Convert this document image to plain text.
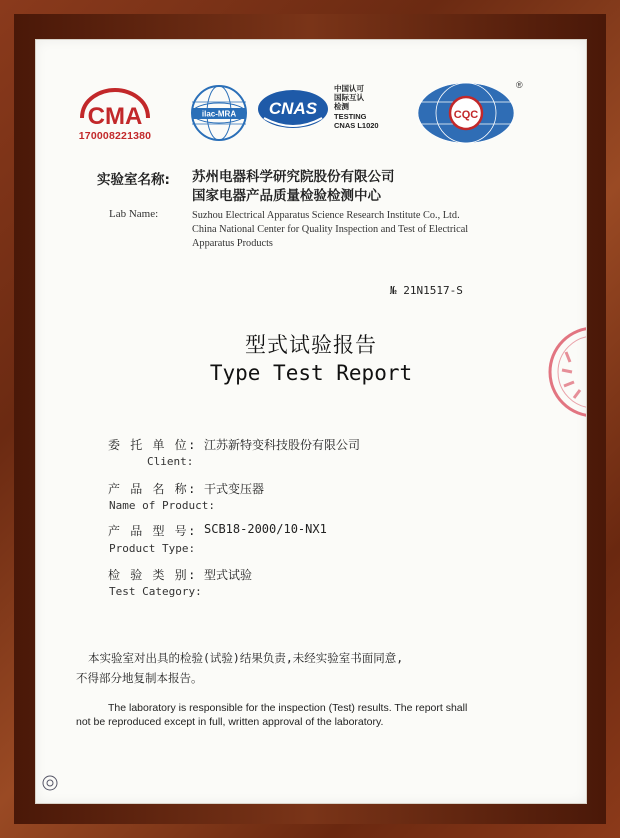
CMA
170008221380
ilac-MRA CNAS
中国认可
国际互认
检测
TESTING
CNAS L1020
CQC
®
实验室名称: 苏州电器科学研究院股份有限公司
国家电器产品质量检验检测中心
Lab Name:	Suzhou Electrical Apparatus Science Research Institute Co., Ltd.
China National Center for Quality Inspection and Test of Electrical
Apparatus Products
№ 21N1517-S
型式试验报告
Type Test Report
委 托 单 位: 江苏新特变科技股份有限公司
Client:
产 品 名 称: 干式变压器
Name of Product:
产 品 型 号: SCB18-2000/10-NX1
Product Type:
检 验 类 别: 型式试验
Test Category:
本实验室对出具的检验(试验)结果负责,未经实验室书面同意,
不得部分地复制本报告。
The laboratory is responsible for the inspection (Test) results. The report shall
not be reproduced except in full, written approval of the laboratory.
